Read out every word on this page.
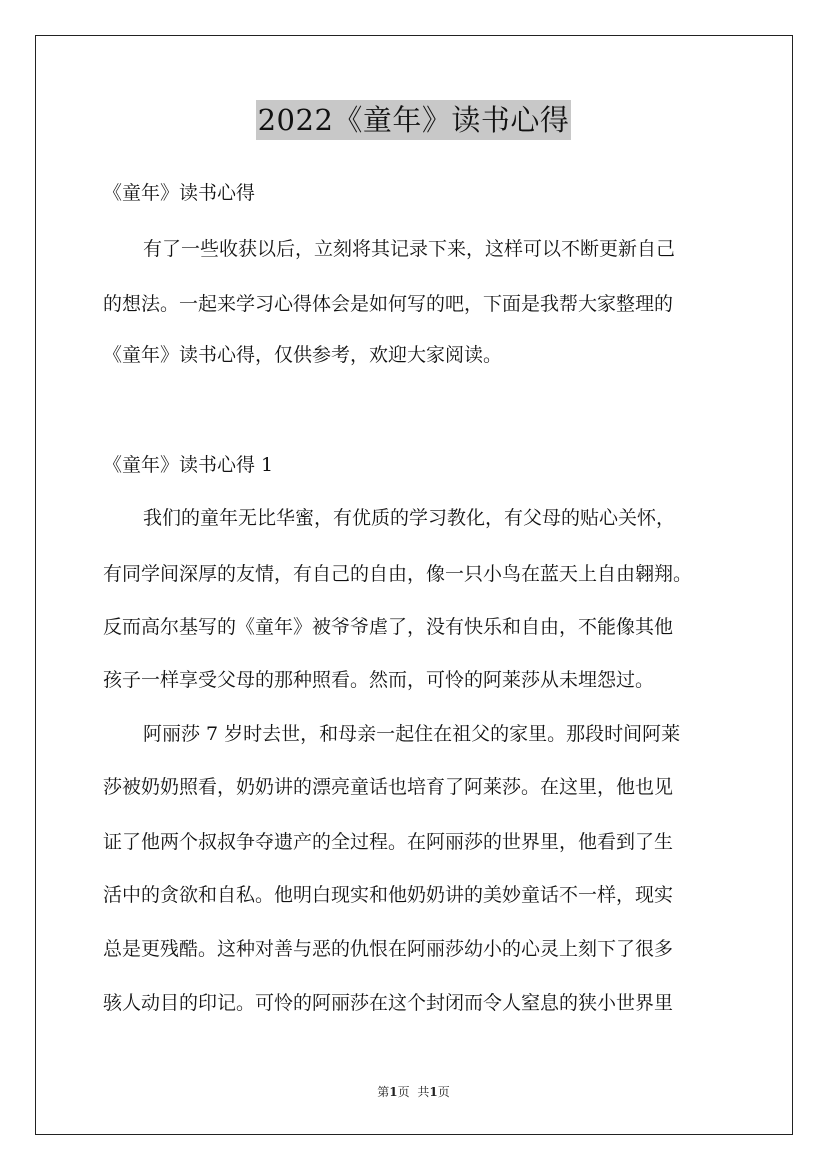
2022《童年》读书心得
《童年》读书心得
有了一些收获以后，立刻将其记录下来，这样可以不断更新自己
的想法。一起来学习心得体会是如何写的吧，下面是我帮大家整理的
《童年》读书心得，仅供参考，欢迎大家阅读。
《童年》读书心得 1
我们的童年无比华蜜，有优质的学习教化，有父母的贴心关怀，
有同学间深厚的友情，有自己的自由，像一只小鸟在蓝天上自由翱翔。
反而高尔基写的《童年》被爷爷虐了，没有快乐和自由，不能像其他
孩子一样享受父母的那种照看。然而，可怜的阿莱莎从未埋怨过。
阿丽莎 7 岁时去世，和母亲一起住在祖父的家里。那段时间阿莱
莎被奶奶照看，奶奶讲的漂亮童话也培育了阿莱莎。在这里，他也见
证了他两个叔叔争夺遗产的全过程。在阿丽莎的世界里，他看到了生
活中的贪欲和自私。他明白现实和他奶奶讲的美妙童话不一样，现实
总是更残酷。这种对善与恶的仇恨在阿丽莎幼小的心灵上刻下了很多
骇人动目的印记。可怜的阿丽莎在这个封闭而令人窒息的狭小世界里
第1页 共1页
